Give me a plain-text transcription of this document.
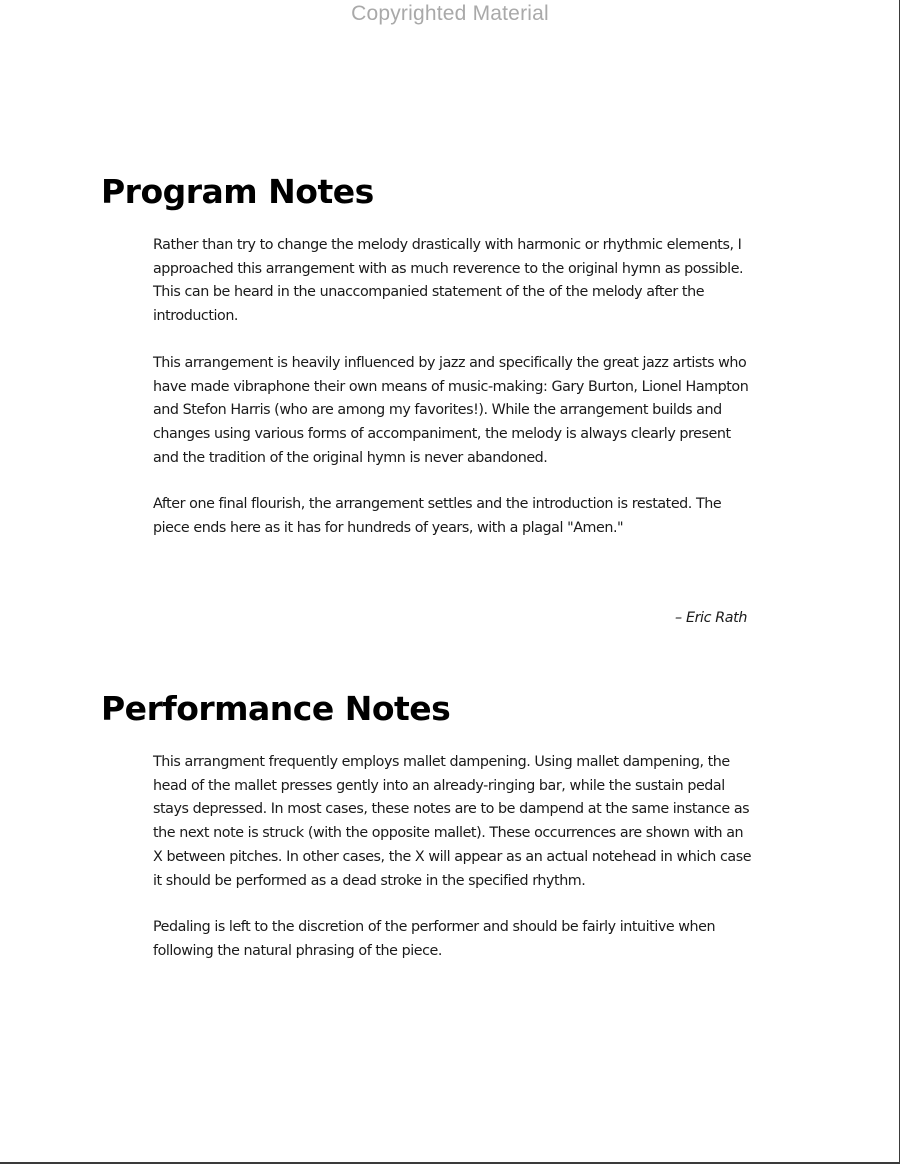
Copyrighted Material
Program Notes

Rather than try to change the melody drastically with harmonic or rhythmic elements, I approached this arrangement with as much reverence to the original hymn as possible. This can be heard in the unaccompanied statement of the of the melody after the introduction.

This arrangement is heavily influenced by jazz and specifically the great jazz artists who have made vibraphone their own means of music-making: Gary Burton, Lionel Hampton and Stefon Harris (who are among my favorites!). While the arrangement builds and changes using various forms of accompaniment, the melody is always clearly present and the tradition of the original hymn is never abandoned.

After one final flourish, the arrangement settles and the introduction is restated. The piece ends here as it has for hundreds of years, with a plagal "Amen."

– Eric Rath
Performance Notes

This arrangment frequently employs mallet dampening. Using mallet dampening, the head of the mallet presses gently into an already-ringing bar, while the sustain pedal stays depressed. In most cases, these notes are to be dampend at the same instance as the next note is struck (with the opposite mallet). These occurrences are shown with an X between pitches. In other cases, the X will appear as an actual notehead in which case it should be performed as a dead stroke in the specified rhythm.

Pedaling is left to the discretion of the performer and should be fairly intuitive when following the natural phrasing of the piece.
